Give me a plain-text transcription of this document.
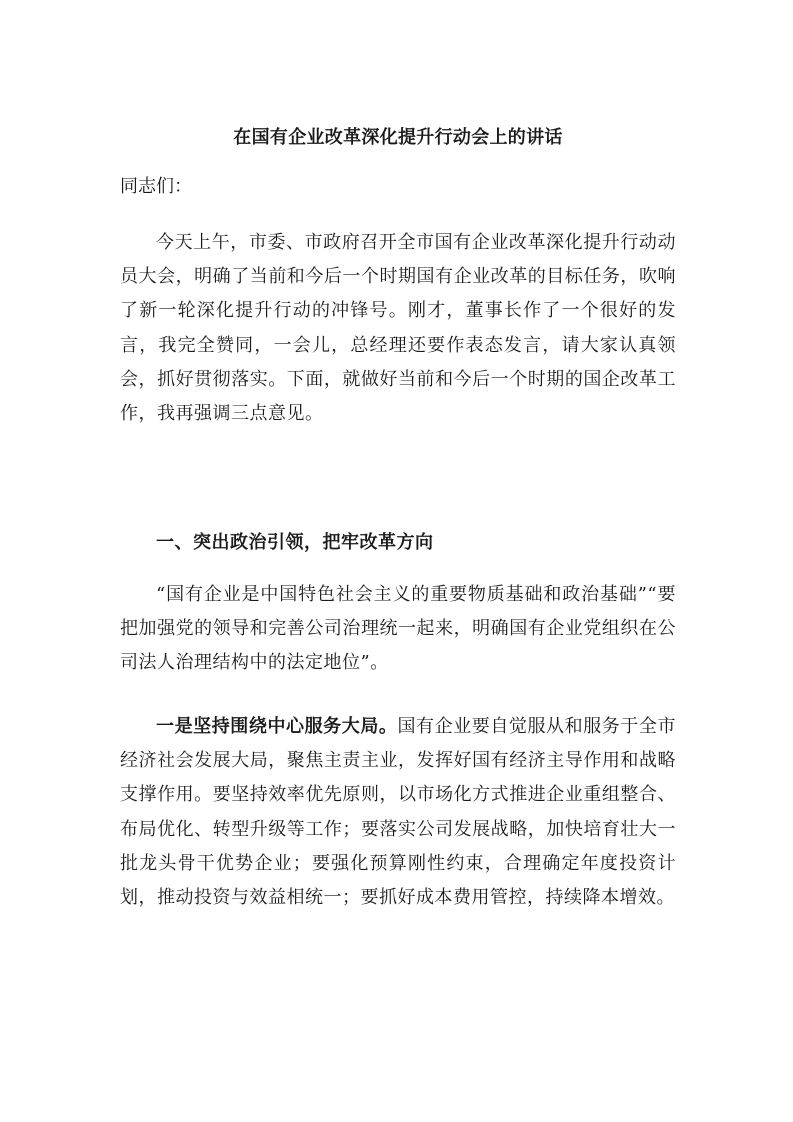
在国有企业改革深化提升行动会上的讲话

同志们：

今天上午，市委、市政府召开全市国有企业改革深化提升行动动员大会，明确了当前和今后一个时期国有企业改革的目标任务，吹响了新一轮深化提升行动的冲锋号。刚才，董事长作了一个很好的发言，我完全赞同，一会儿，总经理还要作表态发言，请大家认真领会，抓好贯彻落实。下面，就做好当前和今后一个时期的国企改革工作，我再强调三点意见。

一、突出政治引领，把牢改革方向

“国有企业是中国特色社会主义的重要物质基础和政治基础”“要把加强党的领导和完善公司治理统一起来，明确国有企业党组织在公司法人治理结构中的法定地位”。

一是坚持围绕中心服务大局。国有企业要自觉服从和服务于全市经济社会发展大局，聚焦主责主业，发挥好国有经济主导作用和战略支撑作用。要坚持效率优先原则，以市场化方式推进企业重组整合、布局优化、转型升级等工作；要落实公司发展战略，加快培育壮大一批龙头骨干优势企业；要强化预算刚性约束，合理确定年度投资计划，推动投资与效益相统一；要抓好成本费用管控，持续降本增效。
